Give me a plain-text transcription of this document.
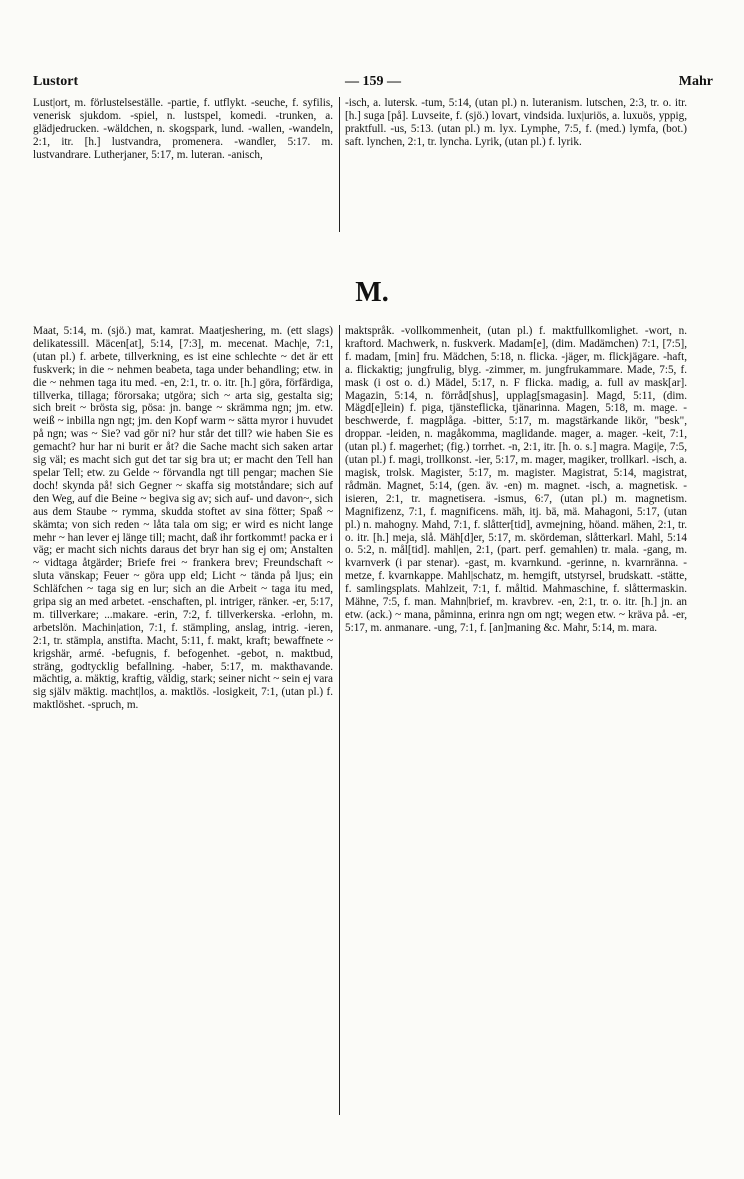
Lustort	— 159 —	Mahr

Lust|ort, m. förlustelseställe. -partie, f. utflykt. -seuche, f. syfilis, venerisk sjukdom. -spiel, n. lustspel, komedi. -trunken, a. glädjedrucken. -wäldchen, n. skogspark, lund. -wallen, -wandeln, 2:1, itr. [h.] lustvandra, promenera. -wandler, 5:17. m. lustvandrare. Lutherjaner, 5:17, m. luteran. -anisch,

-isch, a. lutersk. -tum, 5:14, (utan pl.) n. luteranism. lutschen, 2:3, tr. o. itr. [h.] suga [på]. Luvseite, f. (sjö.) lovart, vindsida. lux|uriös, a. luxuös, yppig, praktfull. -us, 5:13. (utan pl.) m. lyx. Lymphe, 7:5, f. (med.) lymfa, (bot.) saft. lynchen, 2:1, tr. lyncha. Lyrik, (utan pl.) f. lyrik.

M.

Maat, 5:14, m. (sjö.) mat, kamrat. Maatjeshering, m. (ett slags) delikatessill. Mäcen[at], 5:14, [7:3], m. mecenat. Mach|e, 7:1, (utan pl.) f. arbete, tillverkning, es ist eine schlechte ~ det är ett fuskverk; in die ~ nehmen beabeta, taga under behandling; etw. in die ~ nehmen taga itu med. -en, 2:1, tr. o. itr. [h.] göra, förfärdiga, tillverka, tillaga; förorsaka; utgöra; sich ~ arta sig, gestalta sig; sich breit ~ bröstа sig, pösa: jn. bange ~ skrämma ngn; jm. etw. weiß ~ inbilla ngn ngt; jm. den Kopf warm ~ sätta myror i huvudet på ngn; was ~ Sie? vad gör ni? hur står det till? wie haben Sie es gemacht? hur har ni burit er åt? die Sache macht sich saken artar sig väl; es macht sich gut det tar sig bra ut; er macht den Tell han spelar Tell; etw. zu Gelde ~ förvandla ngt till pengar; machen Sie doch! skynda på! sich Gegner ~ skaffa sig motståndare; sich auf den Weg, auf die Beine ~ begiva sig av; sich auf- und davon~, sich aus dem Staube ~ rymma, skuddа stoftet av sina fötter; Spaß ~ skämta; von sich reden ~ låta tala om sig; er wird es nicht lange mehr ~ han lever ej länge till; macht, daß ihr fortkommt! packa er i väg; er macht sich nichts daraus det bryr han sig ej om; Anstalten ~ vidtaga åtgärder; Briefe frei ~ frankera brev; Freundschaft ~ sluta vänskap; Feuer ~ göra upp eld; Licht ~ tända på ljus; ein Schläfchen ~ taga sig en lur; sich an die Arbeit ~ taga itu med, gripa sig an med arbetet. -enschaften, pl. intriger, ränker. -er, 5:17, m. tillverkare; ...makare. -erin, 7:2, f. tillverkerska. -erlohn, m. arbetslön. Machin|ation, 7:1, f. stämpling, anslag, intrig. -ieren, 2:1, tr. stämpla, anstifta. Macht, 5:11, f. makt, kraft; bewaffnete ~ krigshär, armé. -befugnis, f. befogenhet. -gebot, n. maktbud, sträng, godtycklig befallning. -haber, 5:17, m. makthavande. mächtig, a. mäktig, kraftig, väldig, stark; seiner nicht ~ sein ej vara sig själv mäktig. macht|los, a. maktlös. -losigkeit, 7:1, (utan pl.) f. maktlöshet. -spruch, m.

maktspråk. -vollkommenheit, (utan pl.) f. maktfullkomlighet. -wort, n. kraftord. Machwerk, n. fuskverk. Madam[e], (dim. Madämchen) 7:1, [7:5], f. madam, [min] fru. Mädchen, 5:18, n. flicka. -jäger, m. flickjägare. -haft, a. flickaktig; jungfrulig, blyg. -zimmer, m. jungfrukammare. Made, 7:5, f. mask (i ost o. d.) Mädel, 5:17, n. F flicka. madig, a. full av mask[ar]. Magazin, 5:14, n. förråd[shus], upplag[smagasin]. Magd, 5:11, (dim. Mägd[e]lein) f. piga, tjänsteflicka, tjänarinna. Magen, 5:18, m. mage. -beschwerde, f. magplåga. -bitter, 5:17, m. magstärkande likör, "besk", droppar. -leiden, n. magåkomma, maglidande. mager, a. mager. -keit, 7:1, (utan pl.) f. magerhet; (fig.) torrhet. -n, 2:1, itr. [h. o. s.] magra. Magi|e, 7:5, (utan pl.) f. magi, trollkonst. -ier, 5:17, m. mager, magiker, trollkarl. -isch, a. magisk, trolsk. Magister, 5:17, m. magister. Magistrat, 5:14, magistrat, rådmän. Magnet, 5:14, (gen. äv. -en) m. magnet. -isch, a. magnetisk. -isieren, 2:1, tr. magnetisera. -ismus, 6:7, (utan pl.) m. magnetism. Magnifizenz, 7:1, f. magnificens. mäh, itj. bä, mä. Mahagoni, 5:17, (utan pl.) n. mahogny. Mahd, 7:1, f. slåtter[tid], avmejning, höand. mähen, 2:1, tr. o. itr. [h.] meja, slå. Mäh[d]er, 5:17, m. skördeman, slåtterkarl. Mahl, 5:14 o. 5:2, n. mål[tid]. mahl|en, 2:1, (part. perf. gemahlen) tr. mala. -gang, m. kvarnverk (i par stenar). -gast, m. kvarnkund. -gerinne, n. kvarnränna. -metze, f. kvarnkappe. Mahl|schatz, m. hemgift, utstyrsel, brudskatt. -stätte, f. samlingsplats. Mahlzeit, 7:1, f. måltid. Mahmaschine, f. slåttermaskin. Mähne, 7:5, f. man. Mahn|brief, m. kravbrev. -en, 2:1, tr. o. itr. [h.] jn. an etw. (ack.) ~ mana, påminna, erinra ngn om ngt; wegen etw. ~ kräva på. -er, 5:17, m. anmanare. -ung, 7:1, f. [an]maning &c. Mahr, 5:14, m. mara.
